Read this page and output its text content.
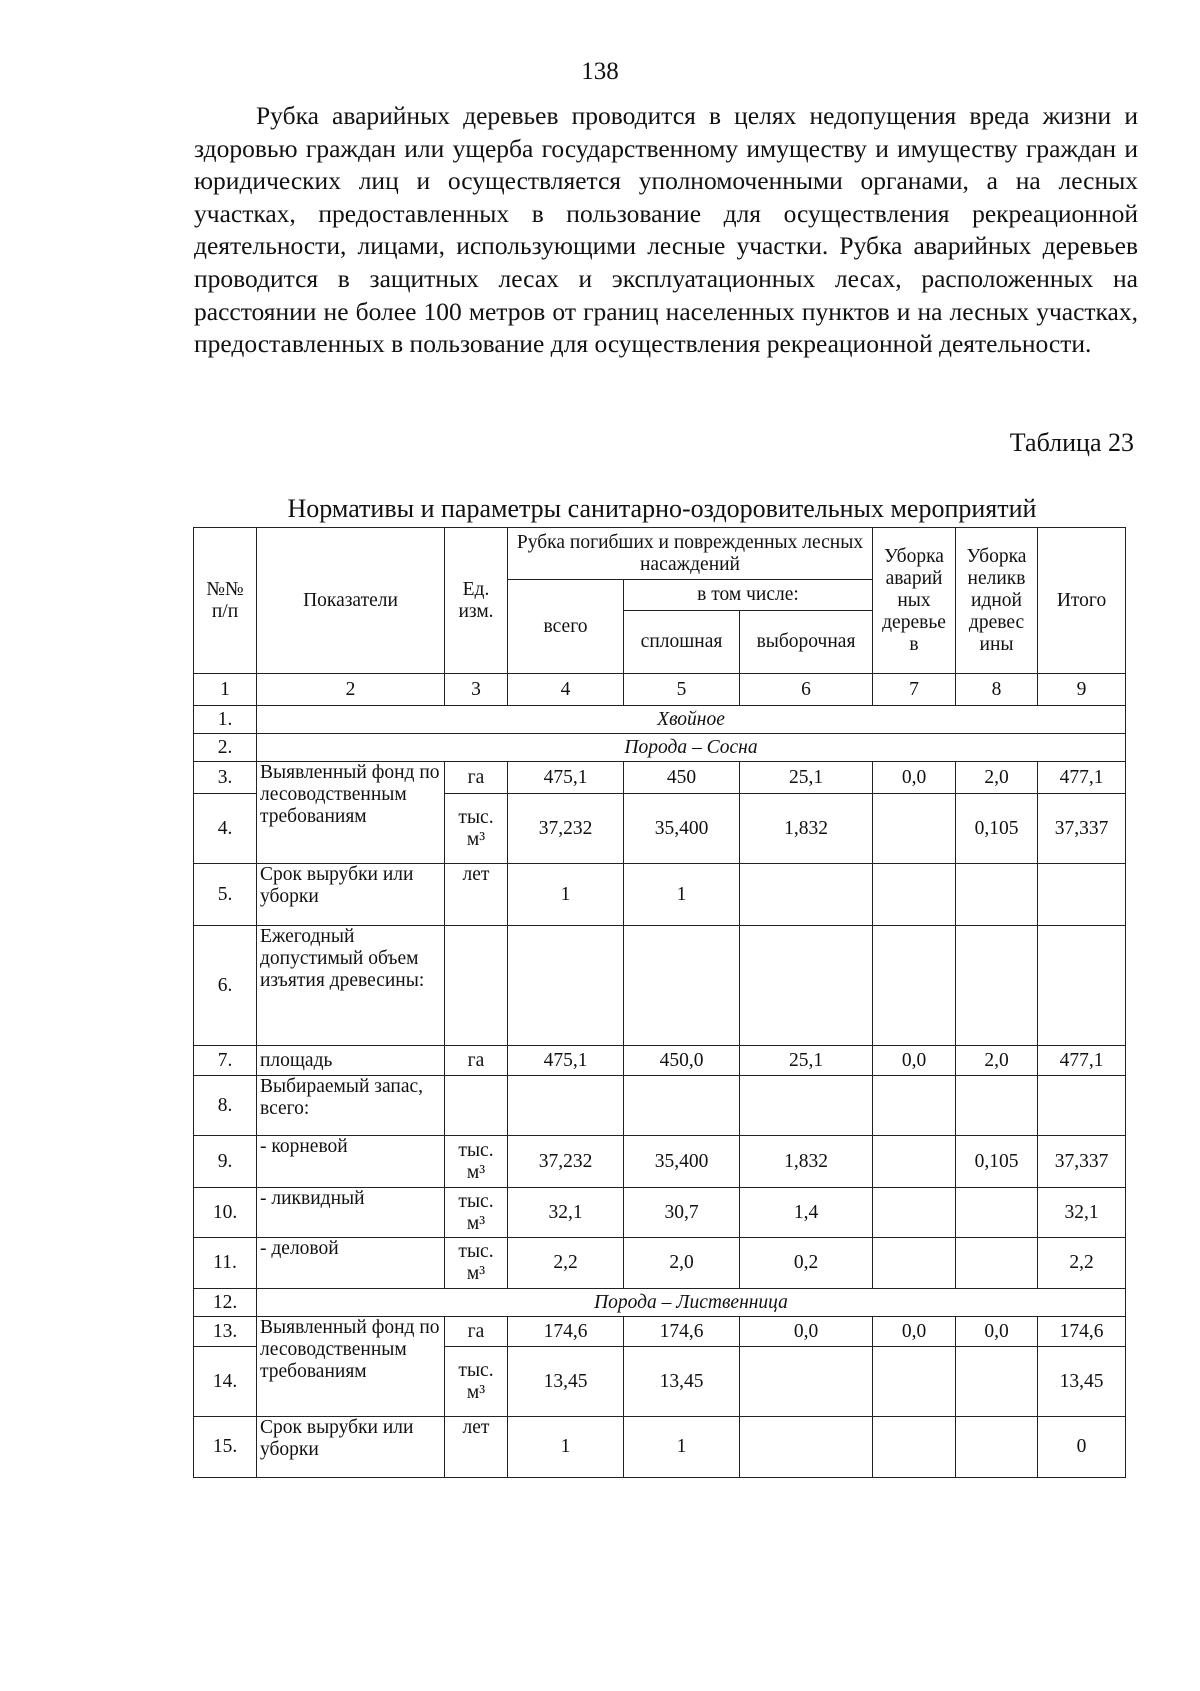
138

Рубка аварийных деревьев проводится в целях недопущения вреда жизни и здоровью граждан или ущерба государственному имуществу и имуществу граждан и юридических лиц и осуществляется уполномоченными органами, а на лесных участках, предоставленных в пользование для осуществления рекреационной деятельности, лицами, использующими лесные участки. Рубка аварийных деревьев проводится в защитных лесах и эксплуатационных лесах, расположенных на расстоянии не более 100 метров от границ населенных пунктов и на лесных участках, предоставленных в пользование для осуществления рекреационной деятельности.

Таблица 23
Нормативы и параметры санитарно-оздоровительных мероприятий
№№ п/п	Показатели	Ед. изм.	Рубка погибших и поврежденных лесных насаждений			Уборка аварий ных деревье в	Уборка неликв идной древес ины	Итого
			всего	в том числе:				
				сплошная	выборочная			
1	2	3	4	5	6	7	8	9
1.	Хвойное							
2.	Порода – Сосна							
3.	Выявленный фонд по лесоводственным требованиям	га	475,1	450	25,1	0,0	2,0	477,1
4.		тыс. м³	37,232	35,400	1,832		0,105	37,337
5.	Срок вырубки или уборки	лет	1	1				
6.	Ежегодный допустимый объем изъятия древесины:							
7.	площадь	га	475,1	450,0	25,1	0,0	2,0	477,1
8.	Выбираемый запас, всего:							
9.	- корневой	тыс. м³	37,232	35,400	1,832		0,105	37,337
10.	- ликвидный	тыс. м³	32,1	30,7	1,4			32,1
11.	- деловой	тыс. м³	2,2	2,0	0,2			2,2
12.	Порода – Лиственница							
13.	Выявленный фонд по лесоводственным требованиям	га	174,6	174,6	0,0	0,0	0,0	174,6
14.		тыс. м³	13,45	13,45				13,45
15.	Срок вырубки или уборки	лет	1	1				0
